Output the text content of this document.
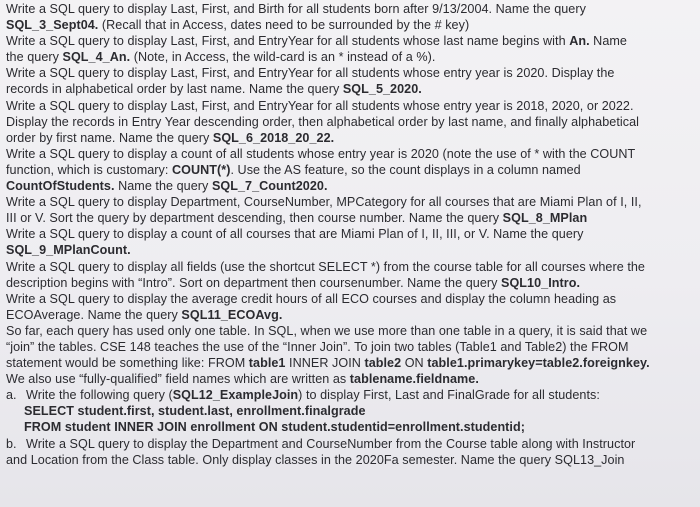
Write a SQL query to display Last, First, and Birth for all students born after 9/13/2004. Name the query
SQL_3_Sept04. (Recall that in Access, dates need to be surrounded by the # key)
Write a SQL query to display Last, First, and EntryYear for all students whose last name begins with An. Name
the query SQL_4_An. (Note, in Access, the wild-card is an * instead of a %).
Write a SQL query to display Last, First, and EntryYear for all students whose entry year is 2020. Display the
records in alphabetical order by last name. Name the query SQL_5_2020.
Write a SQL query to display Last, First, and EntryYear for all students whose entry year is 2018, 2020, or 2022.
Display the records in Entry Year descending order, then alphabetical order by last name, and finally alphabetical
order by first name. Name the query SQL_6_2018_20_22.
Write a SQL query to display a count of all students whose entry year is 2020 (note the use of * with the COUNT
function, which is customary: COUNT(*). Use the AS feature, so the count displays in a column named
CountOfStudents. Name the query SQL_7_Count2020.
Write a SQL query to display Department, CourseNumber, MPCategory for all courses that are Miami Plan of I, II,
III or V. Sort the query by department descending, then course number. Name the query SQL_8_MPlan
Write a SQL query to display a count of all courses that are Miami Plan of I, II, III, or V. Name the query
SQL_9_MPlanCount.
Write a SQL query to display all fields (use the shortcut SELECT *) from the course table for all courses where the
description begins with “Intro”. Sort on department then coursenumber. Name the query SQL10_Intro.
Write a SQL query to display the average credit hours of all ECO courses and display the column heading as
ECOAverage. Name the query SQL11_ECOAvg.
So far, each query has used only one table. In SQL, when we use more than one table in a query, it is said that we
“join” the tables. CSE 148 teaches the use of the “Inner Join”. To join two tables (Table1 and Table2) the FROM
statement would be something like: FROM table1 INNER JOIN table2 ON table1.primarykey=table2.foreignkey.
We also use “fully-qualified” field names which are written as tablename.fieldname.
a. Write the following query (SQL12_ExampleJoin) to display First, Last and FinalGrade for all students:
SELECT student.first, student.last, enrollment.finalgrade
FROM student INNER JOIN enrollment ON student.studentid=enrollment.studentid;
b. Write a SQL query to display the Department and CourseNumber from the Course table along with Instructor
and Location from the Class table. Only display classes in the 2020Fa semester. Name the query SQL13_Join
